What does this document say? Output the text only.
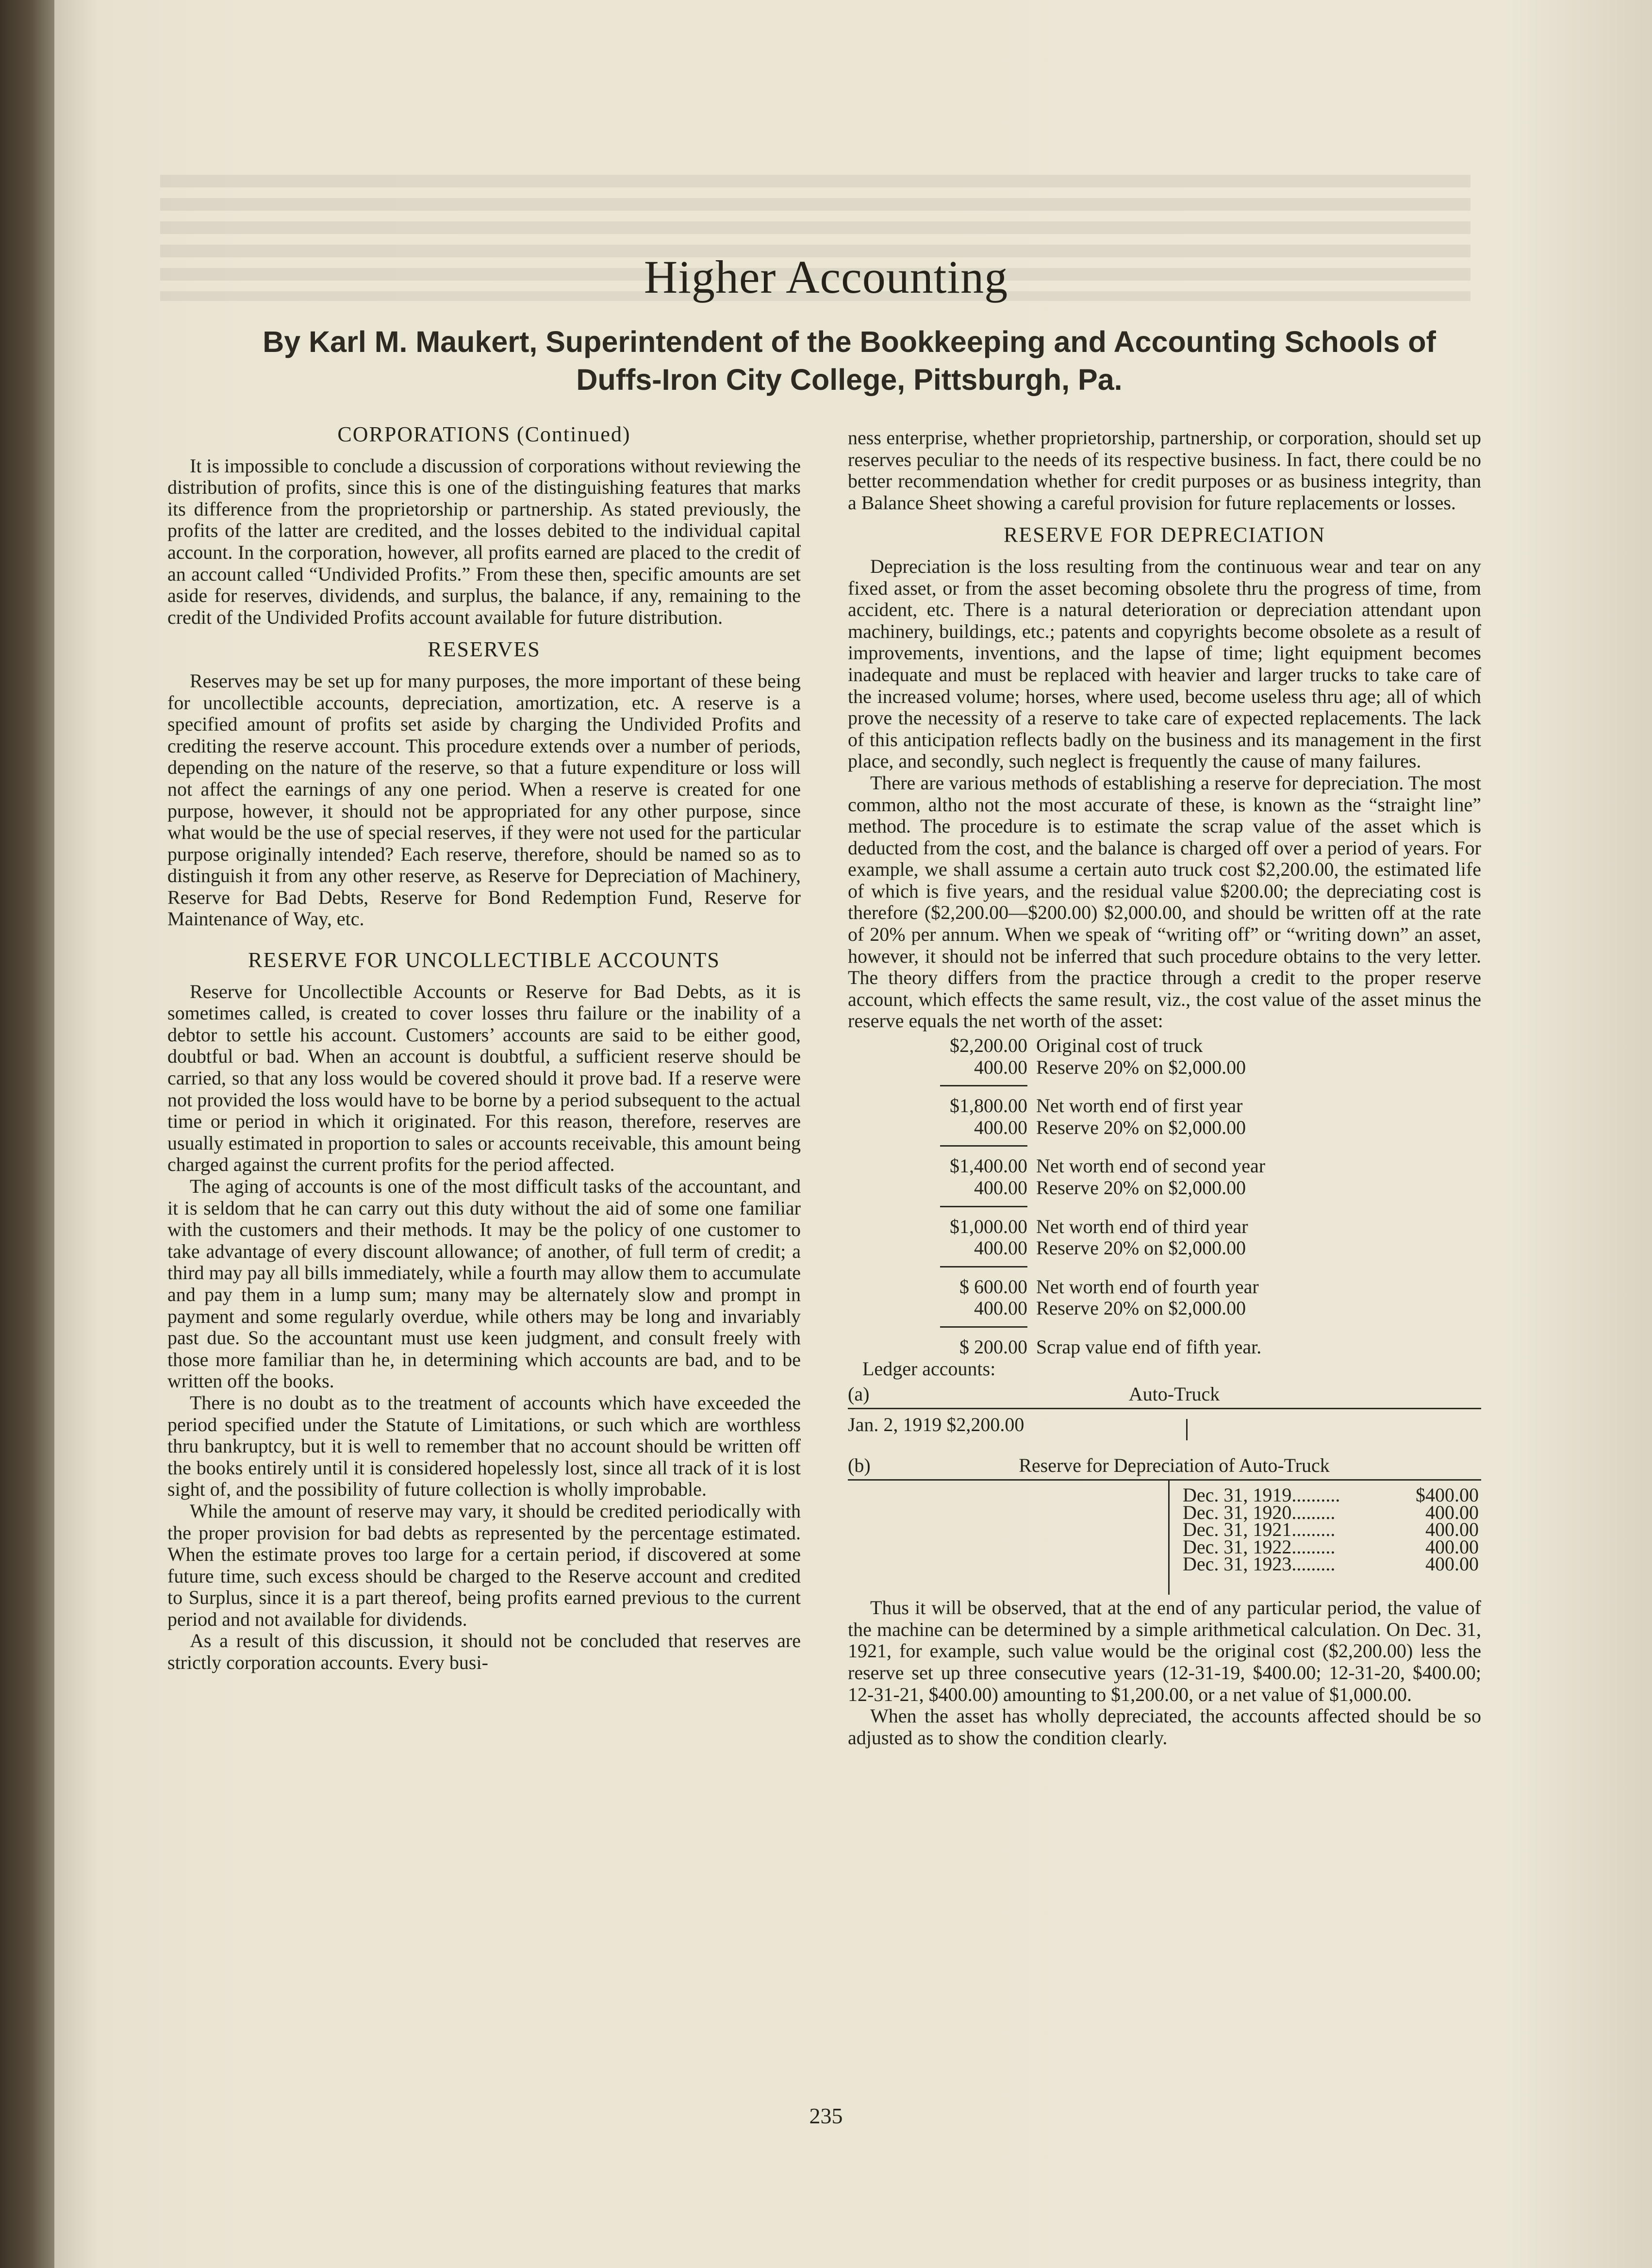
Higher Accounting
By Karl M. Maukert, Superintendent of the Bookkeeping and Accounting Schools of
Duffs-Iron City College, Pittsburgh, Pa.
CORPORATIONS (Continued)

It is impossible to conclude a discussion of corporations without reviewing the distribution of profits, since this is one of the distinguishing features that marks its difference from the proprietorship or partnership. As stated previously, the profits of the latter are credited, and the losses debited to the individual capital account. In the corporation, however, all profits earned are placed to the credit of an account called “Undivided Profits.” From these then, specific amounts are set aside for reserves, dividends, and surplus, the balance, if any, remaining to the credit of the Undivided Profits account available for future distribution.

RESERVES

Reserves may be set up for many purposes, the more important of these being for uncollectible accounts, depreciation, amortization, etc. A reserve is a specified amount of profits set aside by charging the Undivided Profits and crediting the reserve account. This procedure extends over a number of periods, depending on the nature of the reserve, so that a future expenditure or loss will not affect the earnings of any one period. When a reserve is created for one purpose, however, it should not be appropriated for any other purpose, since what would be the use of special reserves, if they were not used for the particular purpose originally intended? Each reserve, therefore, should be named so as to distinguish it from any other reserve, as Reserve for Depreciation of Machinery, Reserve for Bad Debts, Reserve for Bond Redemption Fund, Reserve for Maintenance of Way, etc.

RESERVE FOR UNCOLLECTIBLE ACCOUNTS

Reserve for Uncollectible Accounts or Reserve for Bad Debts, as it is sometimes called, is created to cover losses thru failure or the inability of a debtor to settle his account. Customers’ accounts are said to be either good, doubtful or bad. When an account is doubtful, a sufficient reserve should be carried, so that any loss would be covered should it prove bad. If a reserve were not provided the loss would have to be borne by a period subsequent to the actual time or period in which it originated. For this reason, therefore, reserves are usually estimated in proportion to sales or accounts receivable, this amount being charged against the current profits for the period affected.

The aging of accounts is one of the most difficult tasks of the accountant, and it is seldom that he can carry out this duty without the aid of some one familiar with the customers and their methods. It may be the policy of one customer to take advantage of every discount allowance; of another, of full term of credit; a third may pay all bills immediately, while a fourth may allow them to accumulate and pay them in a lump sum; many may be alternately slow and prompt in payment and some regularly overdue, while others may be long and invariably past due. So the accountant must use keen judgment, and consult freely with those more familiar than he, in determining which accounts are bad, and to be written off the books.

There is no doubt as to the treatment of accounts which have exceeded the period specified under the Statute of Limitations, or such which are worthless thru bankruptcy, but it is well to remember that no account should be written off the books entirely until it is considered hopelessly lost, since all track of it is lost sight of, and the possibility of future collection is wholly improbable.

While the amount of reserve may vary, it should be credited periodically with the proper provision for bad debts as represented by the percentage estimated. When the estimate proves too large for a certain period, if discovered at some future time, such excess should be charged to the Reserve account and credited to Surplus, since it is a part thereof, being profits earned previous to the current period and not available for dividends.

As a result of this discussion, it should not be concluded that reserves are strictly corporation accounts. Every busi-

ness enterprise, whether proprietorship, partnership, or corporation, should set up reserves peculiar to the needs of its respective business. In fact, there could be no better recommendation whether for credit purposes or as business integrity, than a Balance Sheet showing a careful provision for future replacements or losses.

RESERVE FOR DEPRECIATION

Depreciation is the loss resulting from the continuous wear and tear on any fixed asset, or from the asset becoming obsolete thru the progress of time, from accident, etc. There is a natural deterioration or depreciation attendant upon machinery, buildings, etc.; patents and copyrights become obsolete as a result of improvements, inventions, and the lapse of time; light equipment becomes inadequate and must be replaced with heavier and larger trucks to take care of the increased volume; horses, where used, become useless thru age; all of which prove the necessity of a reserve to take care of expected replacements. The lack of this anticipation reflects badly on the business and its management in the first place, and secondly, such neglect is frequently the cause of many failures.

There are various methods of establishing a reserve for depreciation. The most common, altho not the most accurate of these, is known as the “straight line” method. The procedure is to estimate the scrap value of the asset which is deducted from the cost, and the balance is charged off over a period of years. For example, we shall assume a certain auto truck cost $2,200.00, the estimated life of which is five years, and the residual value $200.00; the depreciating cost is therefore ($2,200.00—$200.00) $2,000.00, and should be written off at the rate of 20% per annum. When we speak of “writing off” or “writing down” an asset, however, it should not be inferred that such procedure obtains to the very letter. The theory differs from the practice through a credit to the proper reserve account, which effects the same result, viz., the cost value of the asset minus the reserve equals the net worth of the asset:

$2,200.00 Original cost of truck
400.00 Reserve 20% on $2,000.00
$1,800.00 Net worth end of first year
400.00 Reserve 20% on $2,000.00
$1,400.00 Net worth end of second year
400.00 Reserve 20% on $2,000.00
$1,000.00 Net worth end of third year
400.00 Reserve 20% on $2,000.00
$ 600.00 Net worth end of fourth year
400.00 Reserve 20% on $2,000.00
$ 200.00 Scrap value end of fifth year.
Ledger accounts:
(a)	Auto-Truck
Jan. 2, 1919 $2,200.00
(b)	Reserve for Depreciation of Auto-Truck
Dec. 31, 1919..........	$400.00
Dec. 31, 1920.........	400.00
Dec. 31, 1921.........	400.00
Dec. 31, 1922.........	400.00
Dec. 31, 1923.........	400.00

Thus it will be observed, that at the end of any particular period, the value of the machine can be determined by a simple arithmetical calculation. On Dec. 31, 1921, for example, such value would be the original cost ($2,200.00) less the reserve set up three consecutive years (12-31-19, $400.00; 12-31-20, $400.00; 12-31-21, $400.00) amounting to $1,200.00, or a net value of $1,000.00.

When the asset has wholly depreciated, the accounts affected should be so adjusted as to show the condition clearly.

235
